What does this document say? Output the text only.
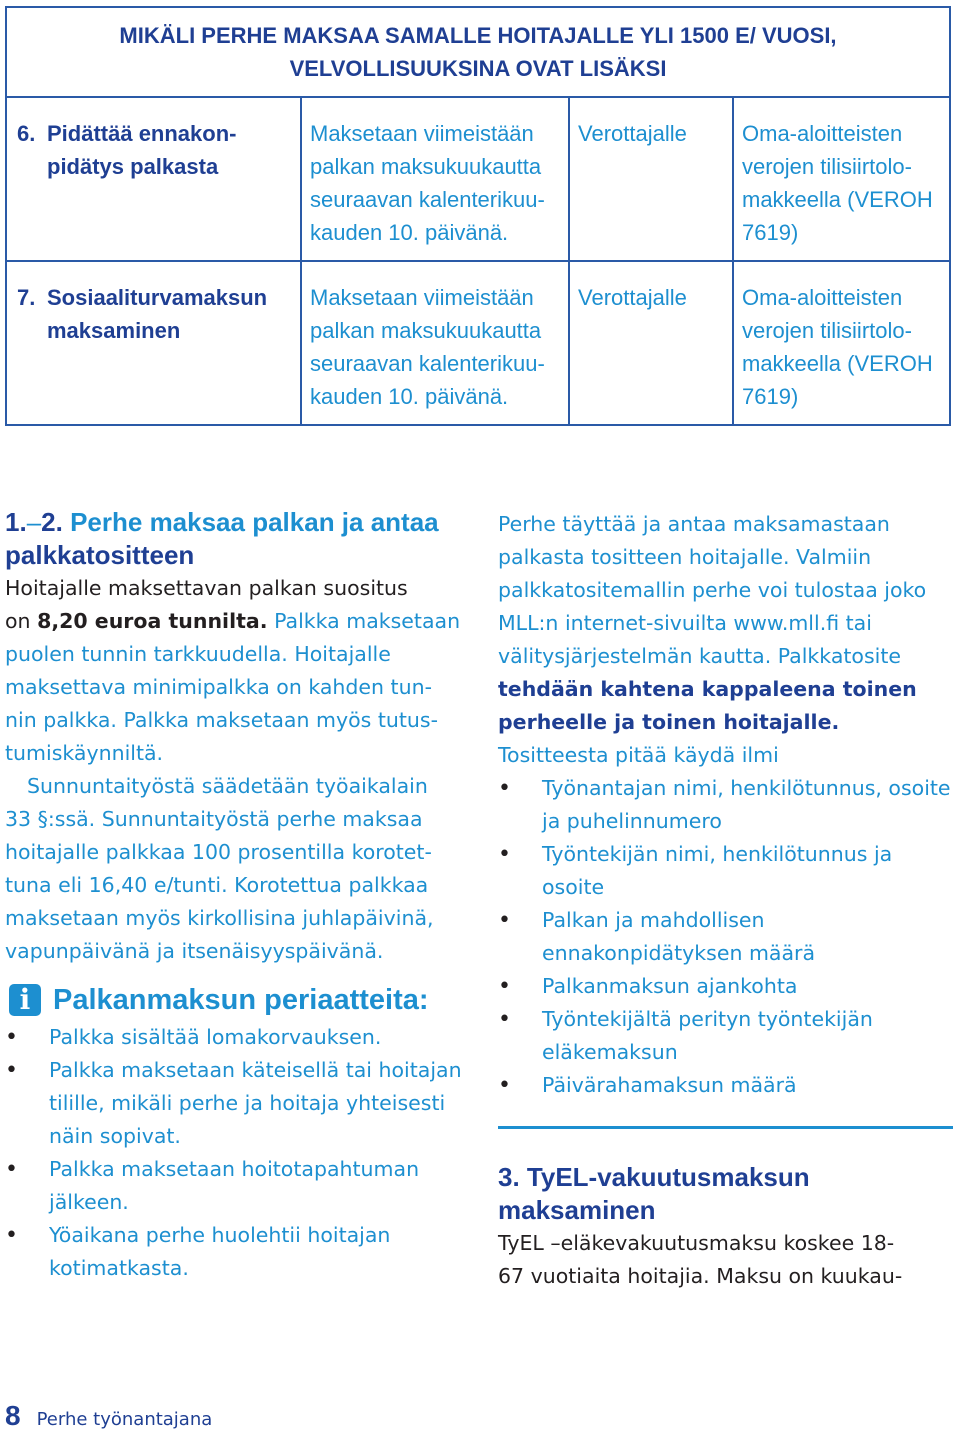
MIKÄLI PERHE MAKSAA SAMALLE HOITAJALLE YLI 1500 E/ VUOSI,
VELVOLLISUUKSINA OVAT LISÄKSI
6. Pidättää ennakon-
pidätys palkasta
Maksetaan viimeistään
palkan maksukuukautta
seuraavan kalenterikuu-
kauden 10. päivänä.
Verottajalle	Oma-aloitteisten
verojen tilisiirtolo-
makkeella (VEROH
7619)
7. Sosiaaliturvamaksun
maksaminen
Maksetaan viimeistään
palkan maksukuukautta
seuraavan kalenterikuu-
kauden 10. päivänä.
Verottajalle	Oma-aloitteisten
verojen tilisiirtolo-
makkeella (VEROH
7619)
1.–2. Perhe maksaa palkan ja antaa
palkkatositteen
Hoitajalle maksettavan palkan suositus
on 8,20 euroa tunnilta. Palkka maksetaan
puolen tunnin tarkkuudella. Hoitajalle
maksettava minimipalkka on kahden tun-
nin palkka. Palkka maksetaan myös tutus-
tumiskäynniltä.
Sunnuntaityöstä säädetään työaikalain
33 §:ssä. Sunnuntaityöstä perhe maksaa
hoitajalle palkkaa 100 prosentilla korotet-
tuna eli 16,40 e/tunti. Korotettua palkkaa
maksetaan myös kirkollisina juhlapäivinä,
vapunpäivänä ja itsenäisyyspäivänä.
i Palkanmaksun periaatteita:
• Palkka sisältää lomakorvauksen.
• Palkka maksetaan käteisellä tai hoitajan tilille, mikäli perhe ja hoitaja yhteisesti näin sopivat.
• Palkka maksetaan hoitotapahtuman jälkeen.
• Yöaikana perhe huolehtii hoitajan kotimatkasta.
Perhe täyttää ja antaa maksamastaan
palkasta tositteen hoitajalle. Valmiin
palkkatositemallin perhe voi tulostaa joko
MLL:n internet-sivuilta www.mll.fi tai
välitysjärjestelmän kautta. Palkkatosite
tehdään kahtena kappaleena toinen
perheelle ja toinen hoitajalle.
Tositteesta pitää käydä ilmi
• Työnantajan nimi, henkilötunnus, osoite ja puhelinnumero
• Työntekijän nimi, henkilötunnus ja osoite
• Palkan ja mahdollisen ennakonpidätyksen määrä
• Palkanmaksun ajankohta
• Työntekijältä perityn työntekijän eläkemaksun
• Päivärahamaksun määrä
3. TyEL-vakuutusmaksun
maksaminen
TyEL –eläkevakuutusmaksu koskee 18-
67 vuotiaita hoitajia. Maksu on kuukau-
8 Perhe työnantajana
